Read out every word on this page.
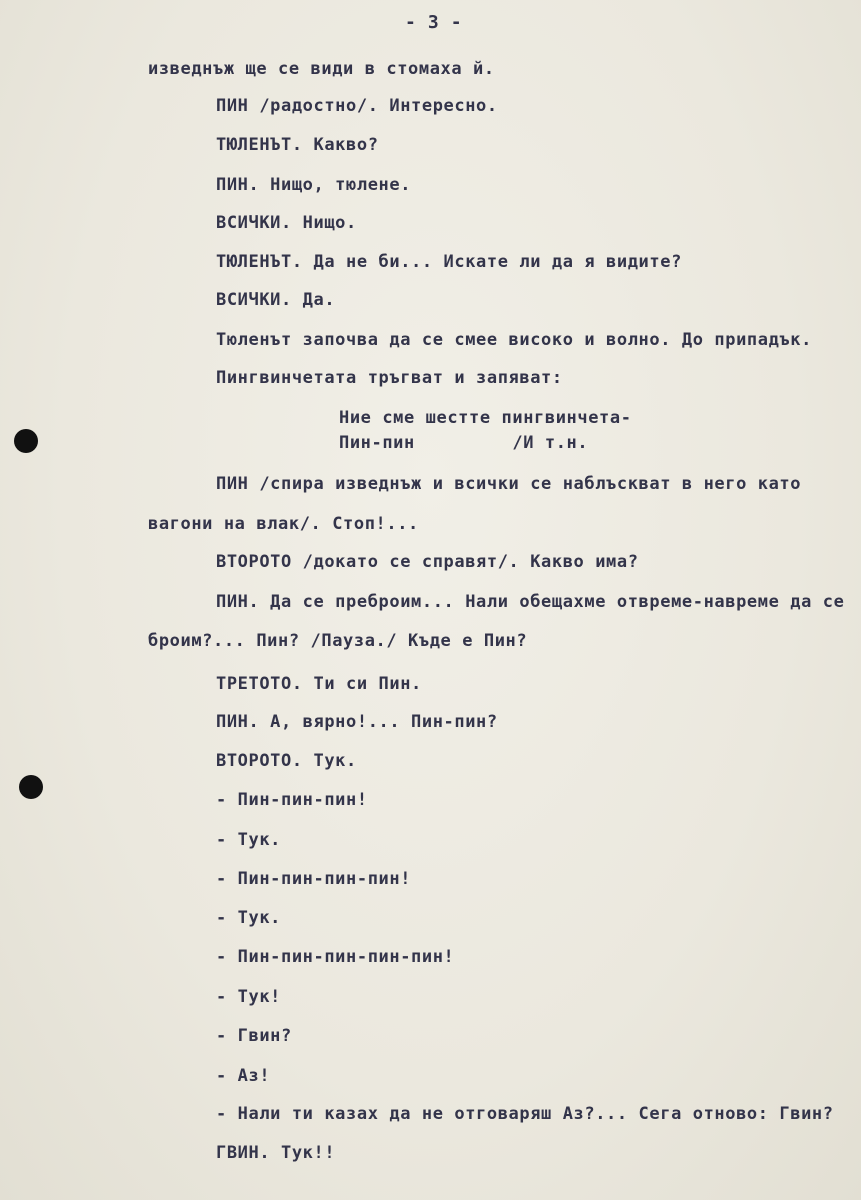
- 3 -
изведнъж ще се види в стомаха й.
ПИН /радостно/. Интересно.
ТЮЛЕНЪТ. Какво?
ПИН. Нищо, тюлене.
ВСИЧКИ. Нищо.
ТЮЛЕНЪТ. Да не би... Искате ли да я видите?
ВСИЧКИ. Да.
Тюленът започва да се смее високо и волно. До припадък.
Пингвинчетата тръгват и запяват:
Ние сме шестте пингвинчета-
Пин-пин         /И т.н.
ПИН /спира изведнъж и всички се наблъскват в него като
вагони на влак/. Стоп!...
ВТОРОТО /докато се справят/. Какво има?
ПИН. Да се преброим... Нали обещахме отвреме-навреме да се
броим?... Пин? /Пауза./ Къде е Пин?
ТРЕТОТО. Ти си Пин.
ПИН. А, вярно!... Пин-пин?
ВТОРОТО. Тук.
- Пин-пин-пин!
- Тук.
- Пин-пин-пин-пин!
- Тук.
- Пин-пин-пин-пин-пин!
- Тук!
- Гвин?
- Аз!
- Нали ти казах да не отговаряш Аз?... Сега отново: Гвин?
ГВИН. Тук!!
